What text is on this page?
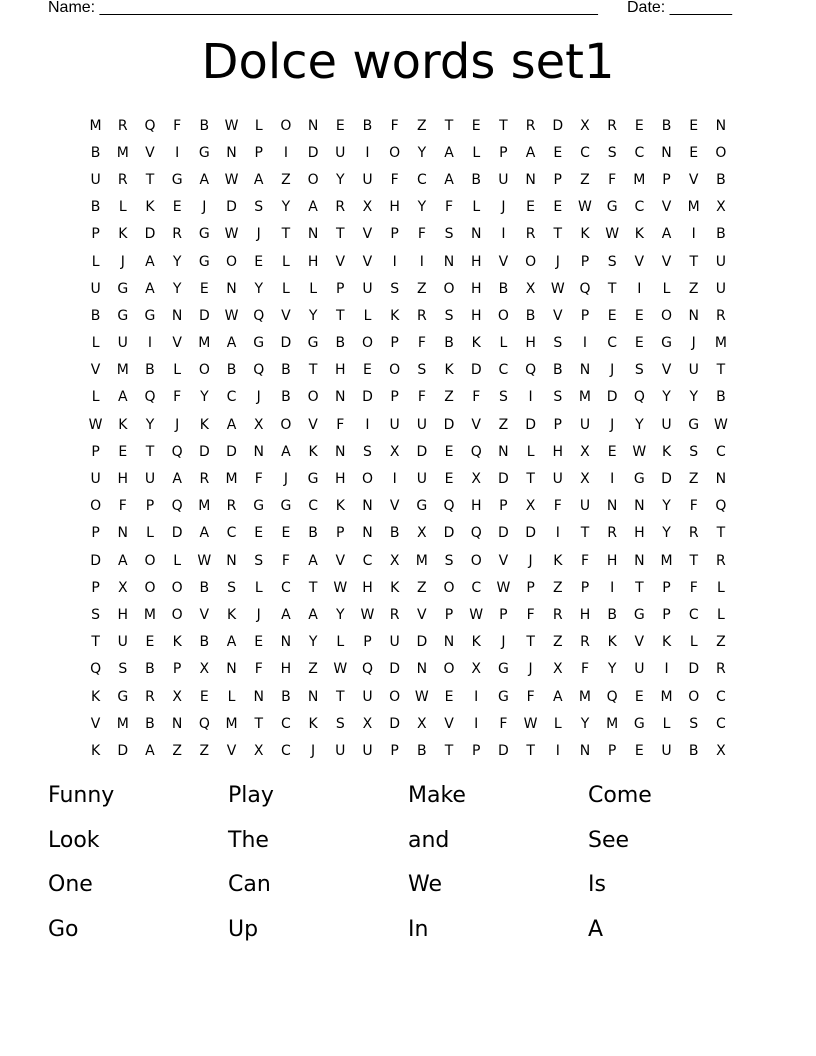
Name: ________________________________________________________ Date: _______
Dolce words set1
M	R	Q	F	B	W	L	O	N	E	B	F	Z	T	E	T	R	D	X	R	E	B	E	N
B	M	V	I	G	N	P	I	D	U	I	O	Y	A	L	P	A	E	C	S	C	N	E	O
U	R	T	G	A	W	A	Z	O	Y	U	F	C	A	B	U	N	P	Z	F	M	P	V	B
B	L	K	E	J	D	S	Y	A	R	X	H	Y	F	L	J	E	E	W	G	C	V	M	X
P	K	D	R	G	W	J	T	N	T	V	P	F	S	N	I	R	T	K	W	K	A	I	B
L	J	A	Y	G	O	E	L	H	V	V	I	I	N	H	V	O	J	P	S	V	V	T	U
U	G	A	Y	E	N	Y	L	L	P	U	S	Z	O	H	B	X	W	Q	T	I	L	Z	U
B	G	G	N	D	W	Q	V	Y	T	L	K	R	S	H	O	B	V	P	E	E	O	N	R
L	U	I	V	M	A	G	D	G	B	O	P	F	B	K	L	H	S	I	C	E	G	J	M
V	M	B	L	O	B	Q	B	T	H	E	O	S	K	D	C	Q	B	N	J	S	V	U	T
L	A	Q	F	Y	C	J	B	O	N	D	P	F	Z	F	S	I	S	M	D	Q	Y	Y	B
W	K	Y	J	K	A	X	O	V	F	I	U	U	D	V	Z	D	P	U	J	Y	U	G	W
P	E	T	Q	D	D	N	A	K	N	S	X	D	E	Q	N	L	H	X	E	W	K	S	C
U	H	U	A	R	M	F	J	G	H	O	I	U	E	X	D	T	U	X	I	G	D	Z	N
O	F	P	Q	M	R	G	G	C	K	N	V	G	Q	H	P	X	F	U	N	N	Y	F	Q
P	N	L	D	A	C	E	E	B	P	N	B	X	D	Q	D	D	I	T	R	H	Y	R	T
D	A	O	L	W	N	S	F	A	V	C	X	M	S	O	V	J	K	F	H	N	M	T	R
P	X	O	O	B	S	L	C	T	W	H	K	Z	O	C	W	P	Z	P	I	T	P	F	L
S	H	M	O	V	K	J	A	A	Y	W	R	V	P	W	P	F	R	H	B	G	P	C	L
T	U	E	K	B	A	E	N	Y	L	P	U	D	N	K	J	T	Z	R	K	V	K	L	Z
Q	S	B	P	X	N	F	H	Z	W	Q	D	N	O	X	G	J	X	F	Y	U	I	D	R
K	G	R	X	E	L	N	B	N	T	U	O	W	E	I	G	F	A	M	Q	E	M	O	C
V	M	B	N	Q	M	T	C	K	S	X	D	X	V	I	F	W	L	Y	M	G	L	S	C
K	D	A	Z	Z	V	X	C	J	U	U	P	B	T	P	D	T	I	N	P	E	U	B	X
Funny	Play	Make	Come
Look	The	and	See
One	Can	We	Is
Go	Up	In	A
